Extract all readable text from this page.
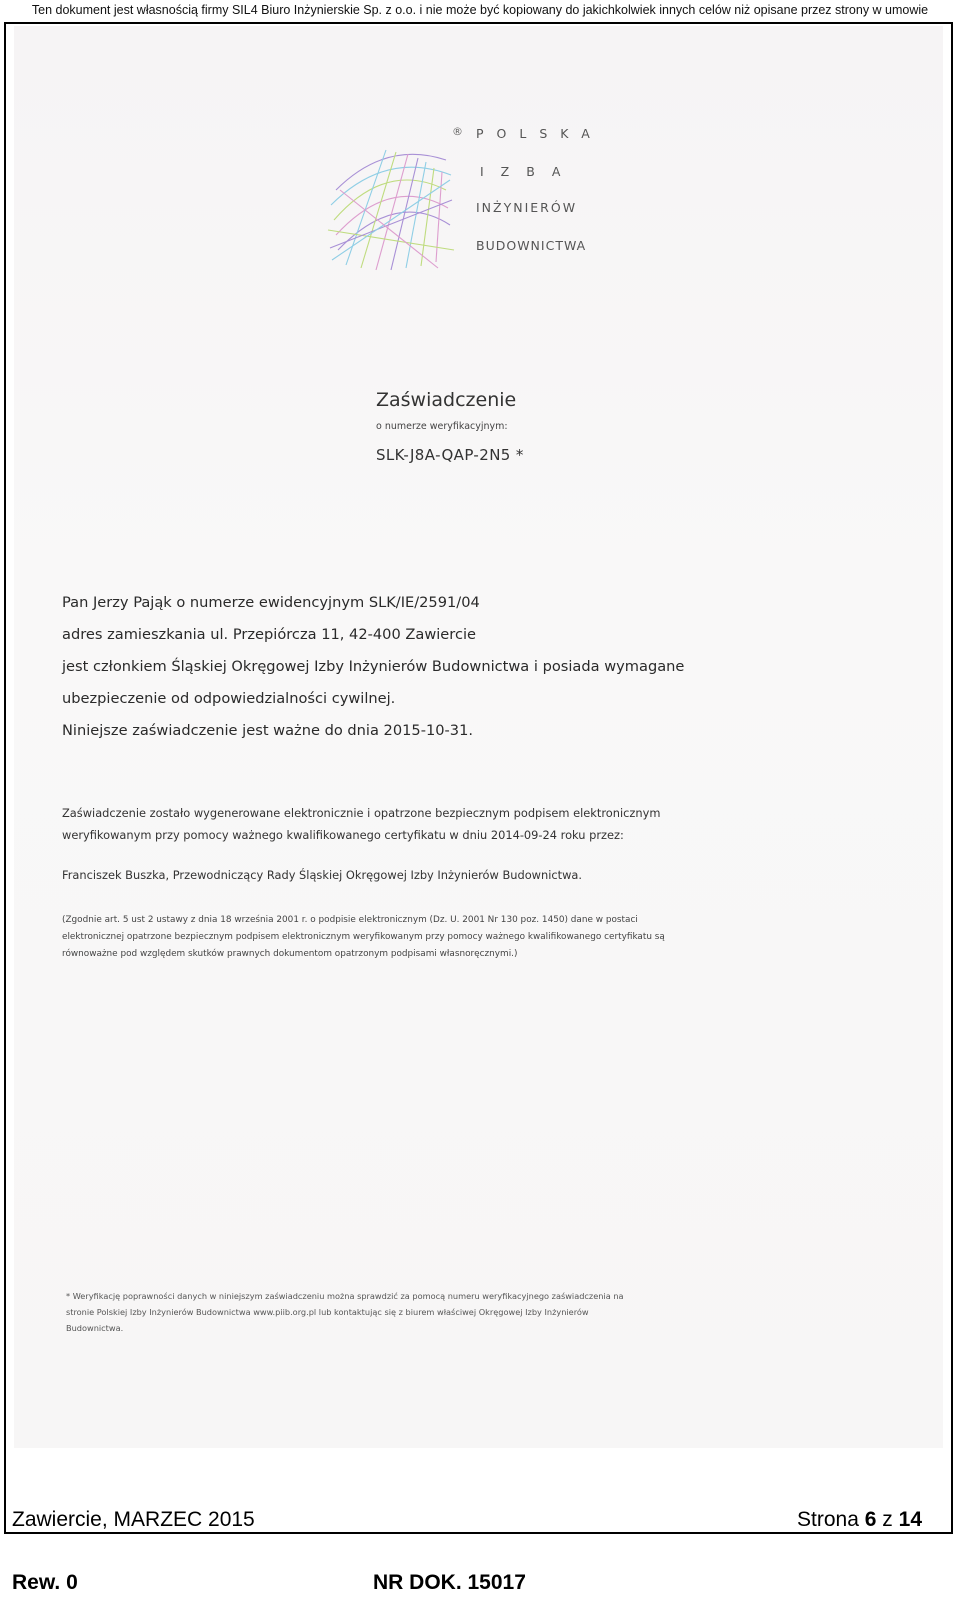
Ten dokument jest własnością firmy SIL4 Biuro Inżynierskie Sp. z o.o. i nie może być kopiowany do jakichkolwiek innych celów niż opisane przez strony w umowie
® POLSKA
IZBA
INŻYNIERÓW
BUDOWNICTWA
Zaświadczenie
o numerze weryfikacyjnym:
SLK-J8A-QAP-2N5 *

Pan Jerzy Pająk o numerze ewidencyjnym SLK/IE/2591/04

adres zamieszkania ul. Przepiórcza 11, 42-400 Zawiercie

jest członkiem Śląskiej Okręgowej Izby Inżynierów Budownictwa i posiada wymagane

ubezpieczenie od odpowiedzialności cywilnej.

Niniejsze zaświadczenie jest ważne do dnia 2015-10-31.

Zaświadczenie zostało wygenerowane elektronicznie i opatrzone bezpiecznym podpisem elektronicznym
weryfikowanym przy pomocy ważnego kwalifikowanego certyfikatu w dniu 2014-09-24 roku przez:
Franciszek Buszka, Przewodniczący Rady Śląskiej Okręgowej Izby Inżynierów Budownictwa.
(Zgodnie art. 5 ust 2 ustawy z dnia 18 września 2001 r. o podpisie elektronicznym (Dz. U. 2001 Nr 130 poz. 1450) dane w postaci
elektronicznej opatrzone bezpiecznym podpisem elektronicznym weryfikowanym przy pomocy ważnego kwalifikowanego certyfikatu są
równoważne pod względem skutków prawnych dokumentom opatrzonym podpisami własnoręcznymi.)
* Weryfikację poprawności danych w niniejszym zaświadczeniu można sprawdzić za pomocą numeru weryfikacyjnego zaświadczenia na
stronie Polskiej Izby Inżynierów Budownictwa www.piib.org.pl lub kontaktując się z biurem właściwej Okręgowej Izby Inżynierów
Budownictwa.
Zawiercie, MARZEC 2015	Strona 6 z 14
Rew. 0	NR DOK. 15017
